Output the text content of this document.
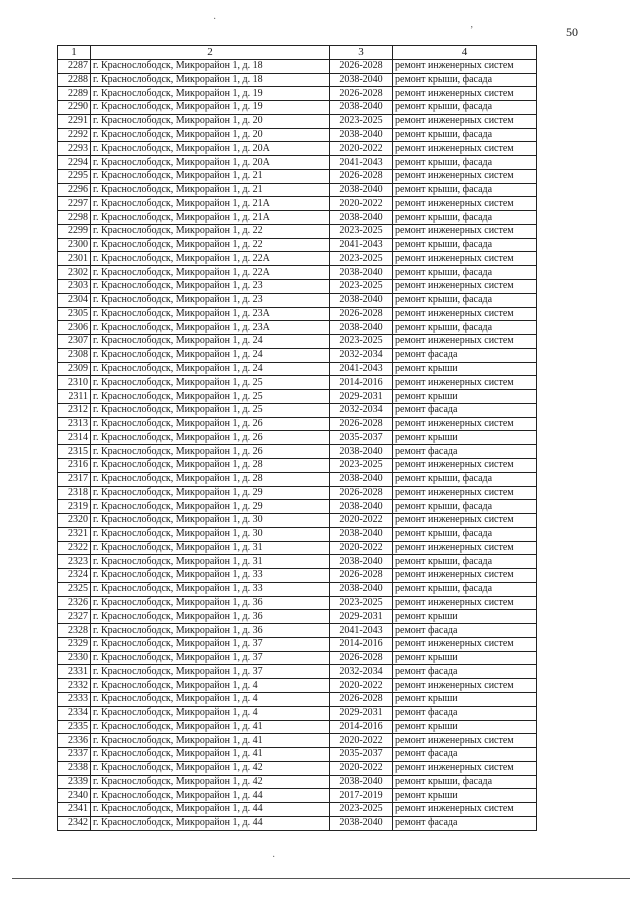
50
·
ʼ
1	2	3	4
2287	г. Краснослободск, Микрорайон 1, д. 18	2026-2028	ремонт инженерных систем
2288	г. Краснослободск, Микрорайон 1, д. 18	2038-2040	ремонт крыши, фасада
2289	г. Краснослободск, Микрорайон 1, д. 19	2026-2028	ремонт инженерных систем
2290	г. Краснослободск, Микрорайон 1, д. 19	2038-2040	ремонт крыши, фасада
2291	г. Краснослободск, Микрорайон 1, д. 20	2023-2025	ремонт инженерных систем
2292	г. Краснослободск, Микрорайон 1, д. 20	2038-2040	ремонт крыши, фасада
2293	г. Краснослободск, Микрорайон 1, д. 20А	2020-2022	ремонт инженерных систем
2294	г. Краснослободск, Микрорайон 1, д. 20А	2041-2043	ремонт крыши, фасада
2295	г. Краснослободск, Микрорайон 1, д. 21	2026-2028	ремонт инженерных систем
2296	г. Краснослободск, Микрорайон 1, д. 21	2038-2040	ремонт крыши, фасада
2297	г. Краснослободск, Микрорайон 1, д. 21А	2020-2022	ремонт инженерных систем
2298	г. Краснослободск, Микрорайон 1, д. 21А	2038-2040	ремонт крыши, фасада
2299	г. Краснослободск, Микрорайон 1, д. 22	2023-2025	ремонт инженерных систем
2300	г. Краснослободск, Микрорайон 1, д. 22	2041-2043	ремонт крыши, фасада
2301	г. Краснослободск, Микрорайон 1, д. 22А	2023-2025	ремонт инженерных систем
2302	г. Краснослободск, Микрорайон 1, д. 22А	2038-2040	ремонт крыши, фасада
2303	г. Краснослободск, Микрорайон 1, д. 23	2023-2025	ремонт инженерных систем
2304	г. Краснослободск, Микрорайон 1, д. 23	2038-2040	ремонт крыши, фасада
2305	г. Краснослободск, Микрорайон 1, д. 23А	2026-2028	ремонт инженерных систем
2306	г. Краснослободск, Микрорайон 1, д. 23А	2038-2040	ремонт крыши, фасада
2307	г. Краснослободск, Микрорайон 1, д. 24	2023-2025	ремонт инженерных систем
2308	г. Краснослободск, Микрорайон 1, д. 24	2032-2034	ремонт фасада
2309	г. Краснослободск, Микрорайон 1, д. 24	2041-2043	ремонт крыши
2310	г. Краснослободск, Микрорайон 1, д. 25	2014-2016	ремонт инженерных систем
2311	г. Краснослободск, Микрорайон 1, д. 25	2029-2031	ремонт крыши
2312	г. Краснослободск, Микрорайон 1, д. 25	2032-2034	ремонт фасада
2313	г. Краснослободск, Микрорайон 1, д. 26	2026-2028	ремонт инженерных систем
2314	г. Краснослободск, Микрорайон 1, д. 26	2035-2037	ремонт крыши
2315	г. Краснослободск, Микрорайон 1, д. 26	2038-2040	ремонт фасада
2316	г. Краснослободск, Микрорайон 1, д. 28	2023-2025	ремонт инженерных систем
2317	г. Краснослободск, Микрорайон 1, д. 28	2038-2040	ремонт крыши, фасада
2318	г. Краснослободск, Микрорайон 1, д. 29	2026-2028	ремонт инженерных систем
2319	г. Краснослободск, Микрорайон 1, д. 29	2038-2040	ремонт крыши, фасада
2320	г. Краснослободск, Микрорайон 1, д. 30	2020-2022	ремонт инженерных систем
2321	г. Краснослободск, Микрорайон 1, д. 30	2038-2040	ремонт крыши, фасада
2322	г. Краснослободск, Микрорайон 1, д. 31	2020-2022	ремонт инженерных систем
2323	г. Краснослободск, Микрорайон 1, д. 31	2038-2040	ремонт крыши, фасада
2324	г. Краснослободск, Микрорайон 1, д. 33	2026-2028	ремонт инженерных систем
2325	г. Краснослободск, Микрорайон 1, д. 33	2038-2040	ремонт крыши, фасада
2326	г. Краснослободск, Микрорайон 1, д. 36	2023-2025	ремонт инженерных систем
2327	г. Краснослободск, Микрорайон 1, д. 36	2029-2031	ремонт крыши
2328	г. Краснослободск, Микрорайон 1, д. 36	2041-2043	ремонт фасада
2329	г. Краснослободск, Микрорайон 1, д. 37	2014-2016	ремонт инженерных систем
2330	г. Краснослободск, Микрорайон 1, д. 37	2026-2028	ремонт крыши
2331	г. Краснослободск, Микрорайон 1, д. 37	2032-2034	ремонт фасада
2332	г. Краснослободск, Микрорайон 1, д. 4	2020-2022	ремонт инженерных систем
2333	г. Краснослободск, Микрорайон 1, д. 4	2026-2028	ремонт крыши
2334	г. Краснослободск, Микрорайон 1, д. 4	2029-2031	ремонт фасада
2335	г. Краснослободск, Микрорайон 1, д. 41	2014-2016	ремонт крыши
2336	г. Краснослободск, Микрорайон 1, д. 41	2020-2022	ремонт инженерных систем
2337	г. Краснослободск, Микрорайон 1, д. 41	2035-2037	ремонт фасада
2338	г. Краснослободск, Микрорайон 1, д. 42	2020-2022	ремонт инженерных систем
2339	г. Краснослободск, Микрорайон 1, д. 42	2038-2040	ремонт крыши, фасада
2340	г. Краснослободск, Микрорайон 1, д. 44	2017-2019	ремонт крыши
2341	г. Краснослободск, Микрорайон 1, д. 44	2023-2025	ремонт инженерных систем
2342	г. Краснослободск, Микрорайон 1, д. 44	2038-2040	ремонт фасада
·
